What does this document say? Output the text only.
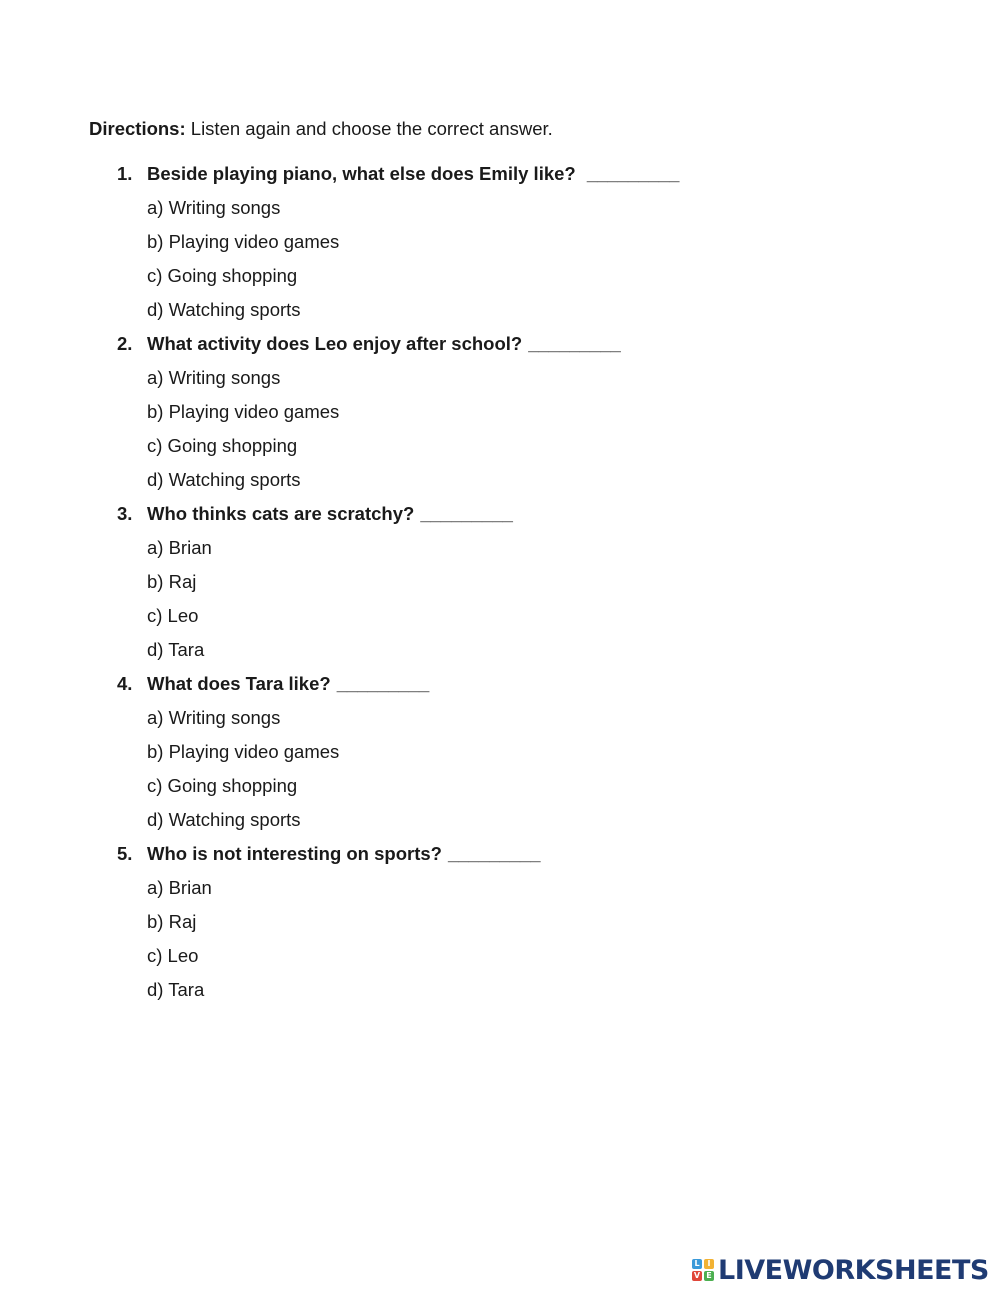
Directions: Listen again and choose the correct answer.
1. Beside playing piano, what else does Emily like? _________
a) Writing songs
b) Playing video games
c) Going shopping
d) Watching sports
2. What activity does Leo enjoy after school? _________
a) Writing songs
b) Playing video games
c) Going shopping
d) Watching sports
3. Who thinks cats are scratchy? _________
a) Brian
b) Raj
c) Leo
d) Tara
4. What does Tara like? _________
a) Writing songs
b) Playing video games
c) Going shopping
d) Watching sports
5. Who is not interesting on sports? _________
a) Brian
b) Raj
c) Leo
d) Tara
L I
V E LIVEWORKSHEETS
